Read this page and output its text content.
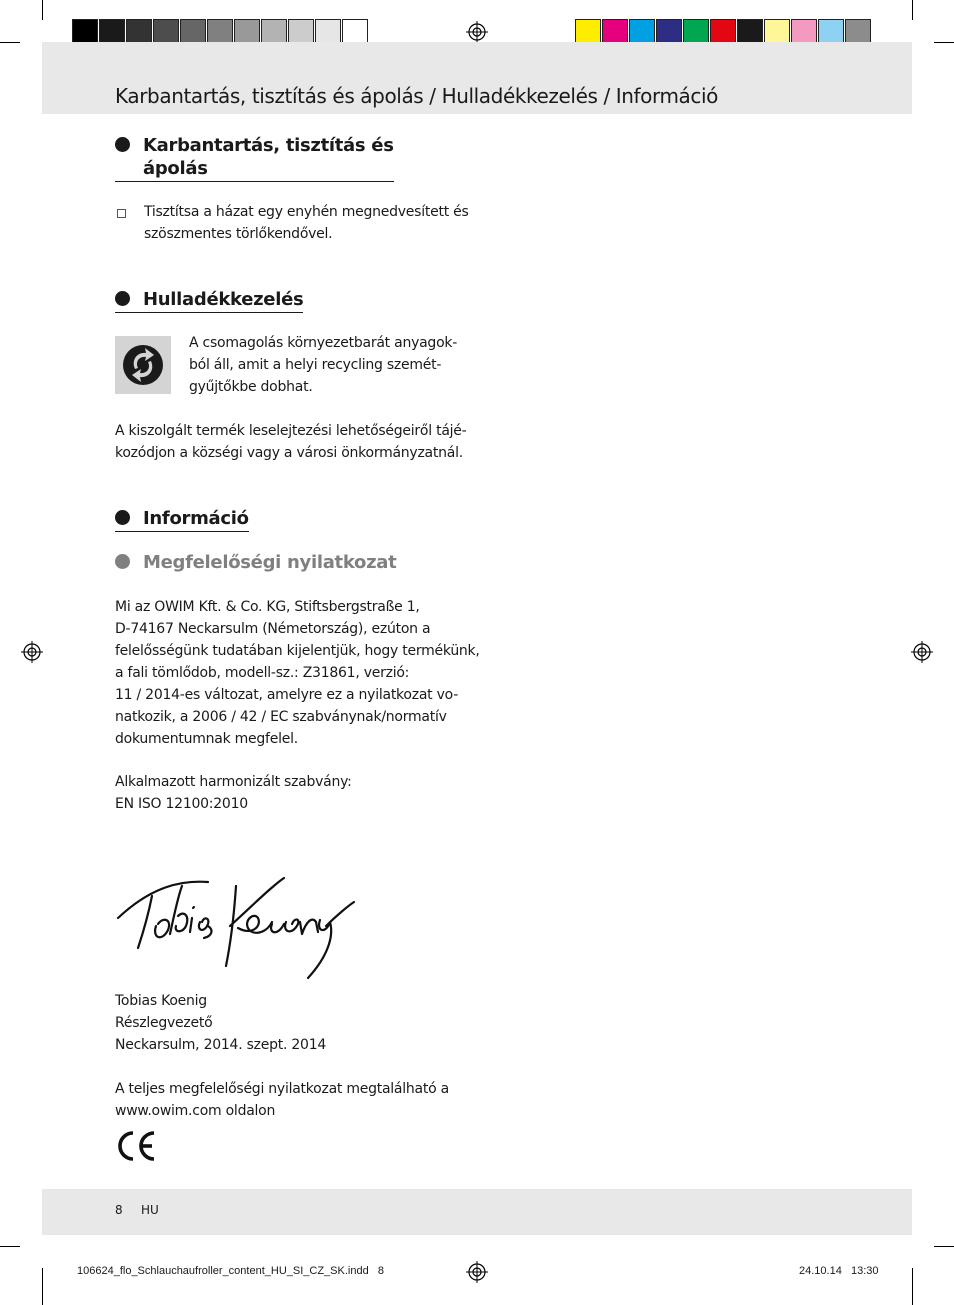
Karbantartás, tisztítás és ápolás / Hulladékkezelés / Információ
Karbantartás, tisztítás és
ápolás
Tisztítsa a házat egy enyhén megnedvesített és
szöszmentes törlőkendővel.
Hulladékkezelés
A csomagolás környezetbarát anyagok-
ból áll, amit a helyi recycling szemét-
gyűjtőkbe dobhat.
A kiszolgált termék leselejtezési lehetőségeiről tájé-
kozódjon a községi vagy a városi önkormányzatnál.
Információ
Megfelelőségi nyilatkozat
Mi az OWIM Kft. & Co. KG, Stiftsbergstraße 1,
D-74167 Neckarsulm (Németország), ezúton a
felelősségünk tudatában kijelentjük, hogy termékünk,
a fali tömlődob, modell-sz.: Z31861, verzió:
11 / 2014-es változat, amelyre ez a nyilatkozat vo-
natkozik, a 2006 / 42 / EC szabványnak/normatív
dokumentumnak megfelel.
Alkalmazott harmonizált szabvány:
EN ISO 12100:2010
Tobias Koenig
Részlegvezető
Neckarsulm, 2014. szept. 2014
A teljes megfelelőségi nyilatkozat megtalálható a
www.owim.com oldalon
8 HU
106624_flo_Schlauchaufroller_content_HU_SI_CZ_SK.indd   8	24.10.14   13:30
